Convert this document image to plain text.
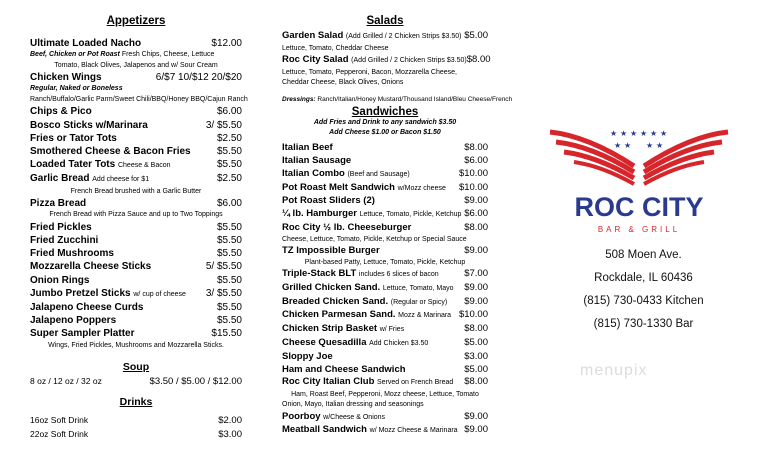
Appetizers
Ultimate Loaded Nacho	$12.00
Beef, Chicken or Pot Roast Fresh Chips, Cheese, Lettuce
Tomato, Black Olives, Jalapenos and w/ Sour Cream
Chicken Wings	6/$7 10/$12 20/$20
Regular, Naked or Boneless
Ranch/Buffalo/Garlic Parm/Sweet Chili/BBQ/Honey BBQ/Cajun Ranch
Chips & Pico	$6.00
Bosco Sticks w/Marinara	3/ $5.50
Fries or Tator Tots	$2.50
Smothered Cheese & Bacon Fries	$5.50
Loaded Tater Tots Cheese & Bacon	$5.50
Garlic Bread Add cheese for $1	$2.50
French Bread brushed with a Garlic Butter
Pizza Bread	$6.00
French Bread with Pizza Sauce and up to Two Toppings
Fried Pickles	$5.50
Fried Zucchini	$5.50
Fried Mushrooms	$5.50
Mozzarella Cheese Sticks	5/ $5.50
Onion Rings	$5.50
Jumbo Pretzel Sticks w/ cup of cheese 3/ $5.50
Jalapeno Cheese Curds	$5.50
Jalapeno Poppers	$5.50
Super Sampler Platter	$15.50
Wings, Fried Pickles, Mushrooms and Mozzarella Sticks.
Soup
8 oz / 12 oz / 32 oz	$3.50 / $5.00 / $12.00
Drinks
16oz Soft Drink	$2.00
22oz Soft Drink	$3.00
Salads
Garden Salad (Add Grilled / 2 Chicken Strips $3.50) $5.00
Lettuce, Tomato, Cheddar Cheese
Roc City Salad (Add Grilled / 2 Chicken Strips $3.50) $8.00
Lettuce, Tomato, Pepperoni, Bacon, Mozzarella Cheese,
Cheddar Cheese, Black Olives, Onions
Dressings: Ranch/Italian/Honey Mustard/Thousand Island/Bleu Cheese/French
Sandwiches
Add Fries and Drink to any sandwich $3.50
Add Cheese $1.00 or Bacon $1.50
Italian Beef	$8.00
Italian Sausage	$6.00
Italian Combo (Beef and Sausage)	$10.00
Pot Roast Melt Sandwich w/Mozz cheese $10.00
Pot Roast Sliders (2)	$9.00
¼ lb. Hamburger Lettuce, Tomato, Pickle, Ketchup $6.00
Roc City ½ lb. Cheeseburger	$8.00
Cheese, Lettuce, Tomato, Pickle, Ketchup or Special Sauce
TZ Impossible Burger	$9.00
Plant-based Patty, Lettuce, Tomato, Pickle, Ketchup
Triple-Stack BLT includes 6 slices of bacon	$7.00
Grilled Chicken Sand. Lettuce, Tomato, Mayo $9.00
Breaded Chicken Sand. (Regular or Spicy) $9.00
Chicken Parmesan Sand. Mozz & Marinara $10.00
Chicken Strip Basket w/ Fries	$8.00
Cheese Quesadilla Add Chicken $3.50	$5.00
Sloppy Joe	$3.00
Ham and Cheese Sandwich	$5.00
Roc City Italian Club Served on French Bread $8.00
Ham, Roast Beef, Pepperoni, Mozz cheese, Lettuce, Tomato
Onion, Mayo, Italian dressing and seasonings
Poorboy w/Cheese & Onions	$9.00
Meatball Sandwich w/ Mozz Cheese & Marinara $9.00
★ ★ ★
★ ★
★ ★ ★
★ ★
ROC CITY
BAR & GRILL
508 Moen Ave.
Rockdale, IL 60436
(815) 730-0433 Kitchen
(815) 730-1330 Bar
menupix
